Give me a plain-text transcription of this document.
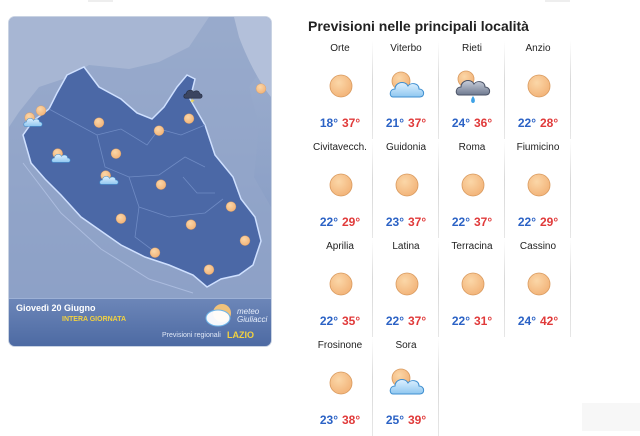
Giovedì 20 Giugno
INTERA GIORNATA
meteo Giuliacci
Previsioni regionali LAZIO
Previsioni nelle principali località
Orte
18° 37°
Viterbo
21° 37°
Rieti
24° 36°
Anzio
22° 28°
Civitavecch.
22° 29°
Guidonia
23° 37°
Roma
22° 37°
Fiumicino
22° 29°
Aprilia
22° 35°
Latina
22° 37°
Terracina
22° 31°
Cassino
24° 42°
Frosinone
23° 38°
Sora
25° 39°
